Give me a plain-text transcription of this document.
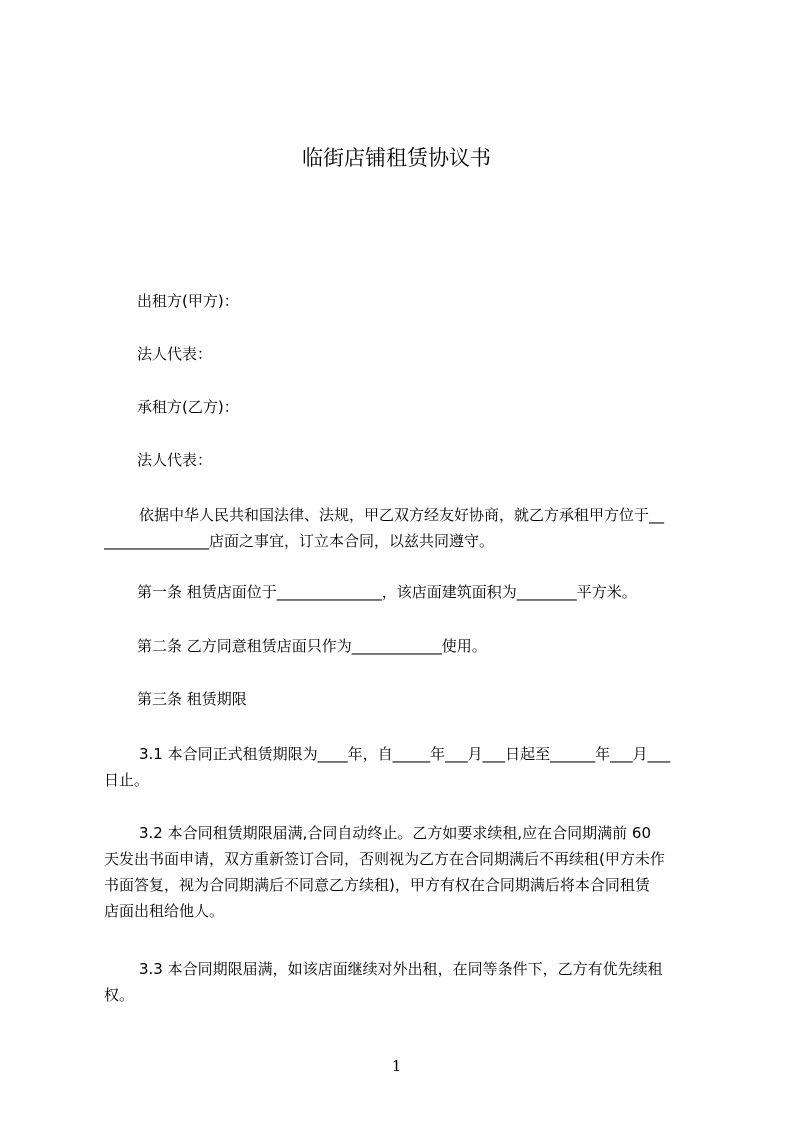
临街店铺租赁协议书
出租方(甲方)：
法人代表：
承租方(乙方)：
法人代表：
依据中华人民共和国法律、法规，甲乙双方经友好协商，就乙方承租甲方位于__
______________店面之事宜，订立本合同，以兹共同遵守。
第一条 租赁店面位于______________，该店面建筑面积为________平方米。
第二条 乙方同意租赁店面只作为____________使用。
第三条 租赁期限
3.1 本合同正式租赁期限为____年，自_____年___月___日起至______年___月___
日止。
3.2 本合同租赁期限届满,合同自动终止。乙方如要求续租,应在合同期满前 60
天发出书面申请，双方重新签订合同，否则视为乙方在合同期满后不再续租(甲方未作
书面答复，视为合同期满后不同意乙方续租)，甲方有权在合同期满后将本合同租赁
店面出租给他人。
3.3 本合同期限届满，如该店面继续对外出租，在同等条件下，乙方有优先续租
权。
1
